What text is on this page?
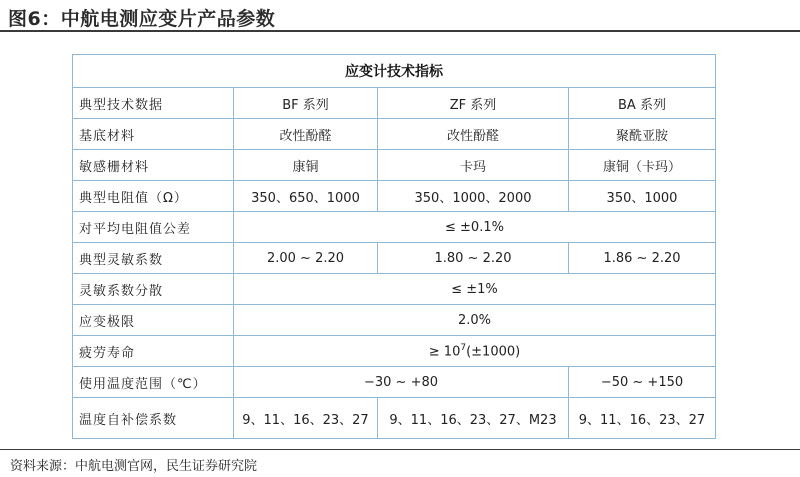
图6：中航电测应变片产品参数
应变计技术指标			
典型技术数据	BF 系列	ZF 系列	BA 系列
基底材料	改性酚醛	改性酚醛	聚酰亚胺
敏感栅材料	康铜	卡玛	康铜（卡玛）
典型电阻值（Ω）	350、650、1000	350、1000、2000	350、1000
对平均电阻值公差	≤ ±0.1%		
典型灵敏系数	2.00 ~ 2.20	1.80 ~ 2.20	1.86 ~ 2.20
灵敏系数分散	≤ ±1%		
应变极限	2.0%		
疲劳寿命	≥ $10^7(\pm 1000)$		
使用温度范围（℃）	−30 ~ +80		−50 ~ +150
温度自补偿系数	9、11、16、23、27	9、11、16、23、27、M23	9、11、16、23、27
资料来源：中航电测官网，民生证券研究院
